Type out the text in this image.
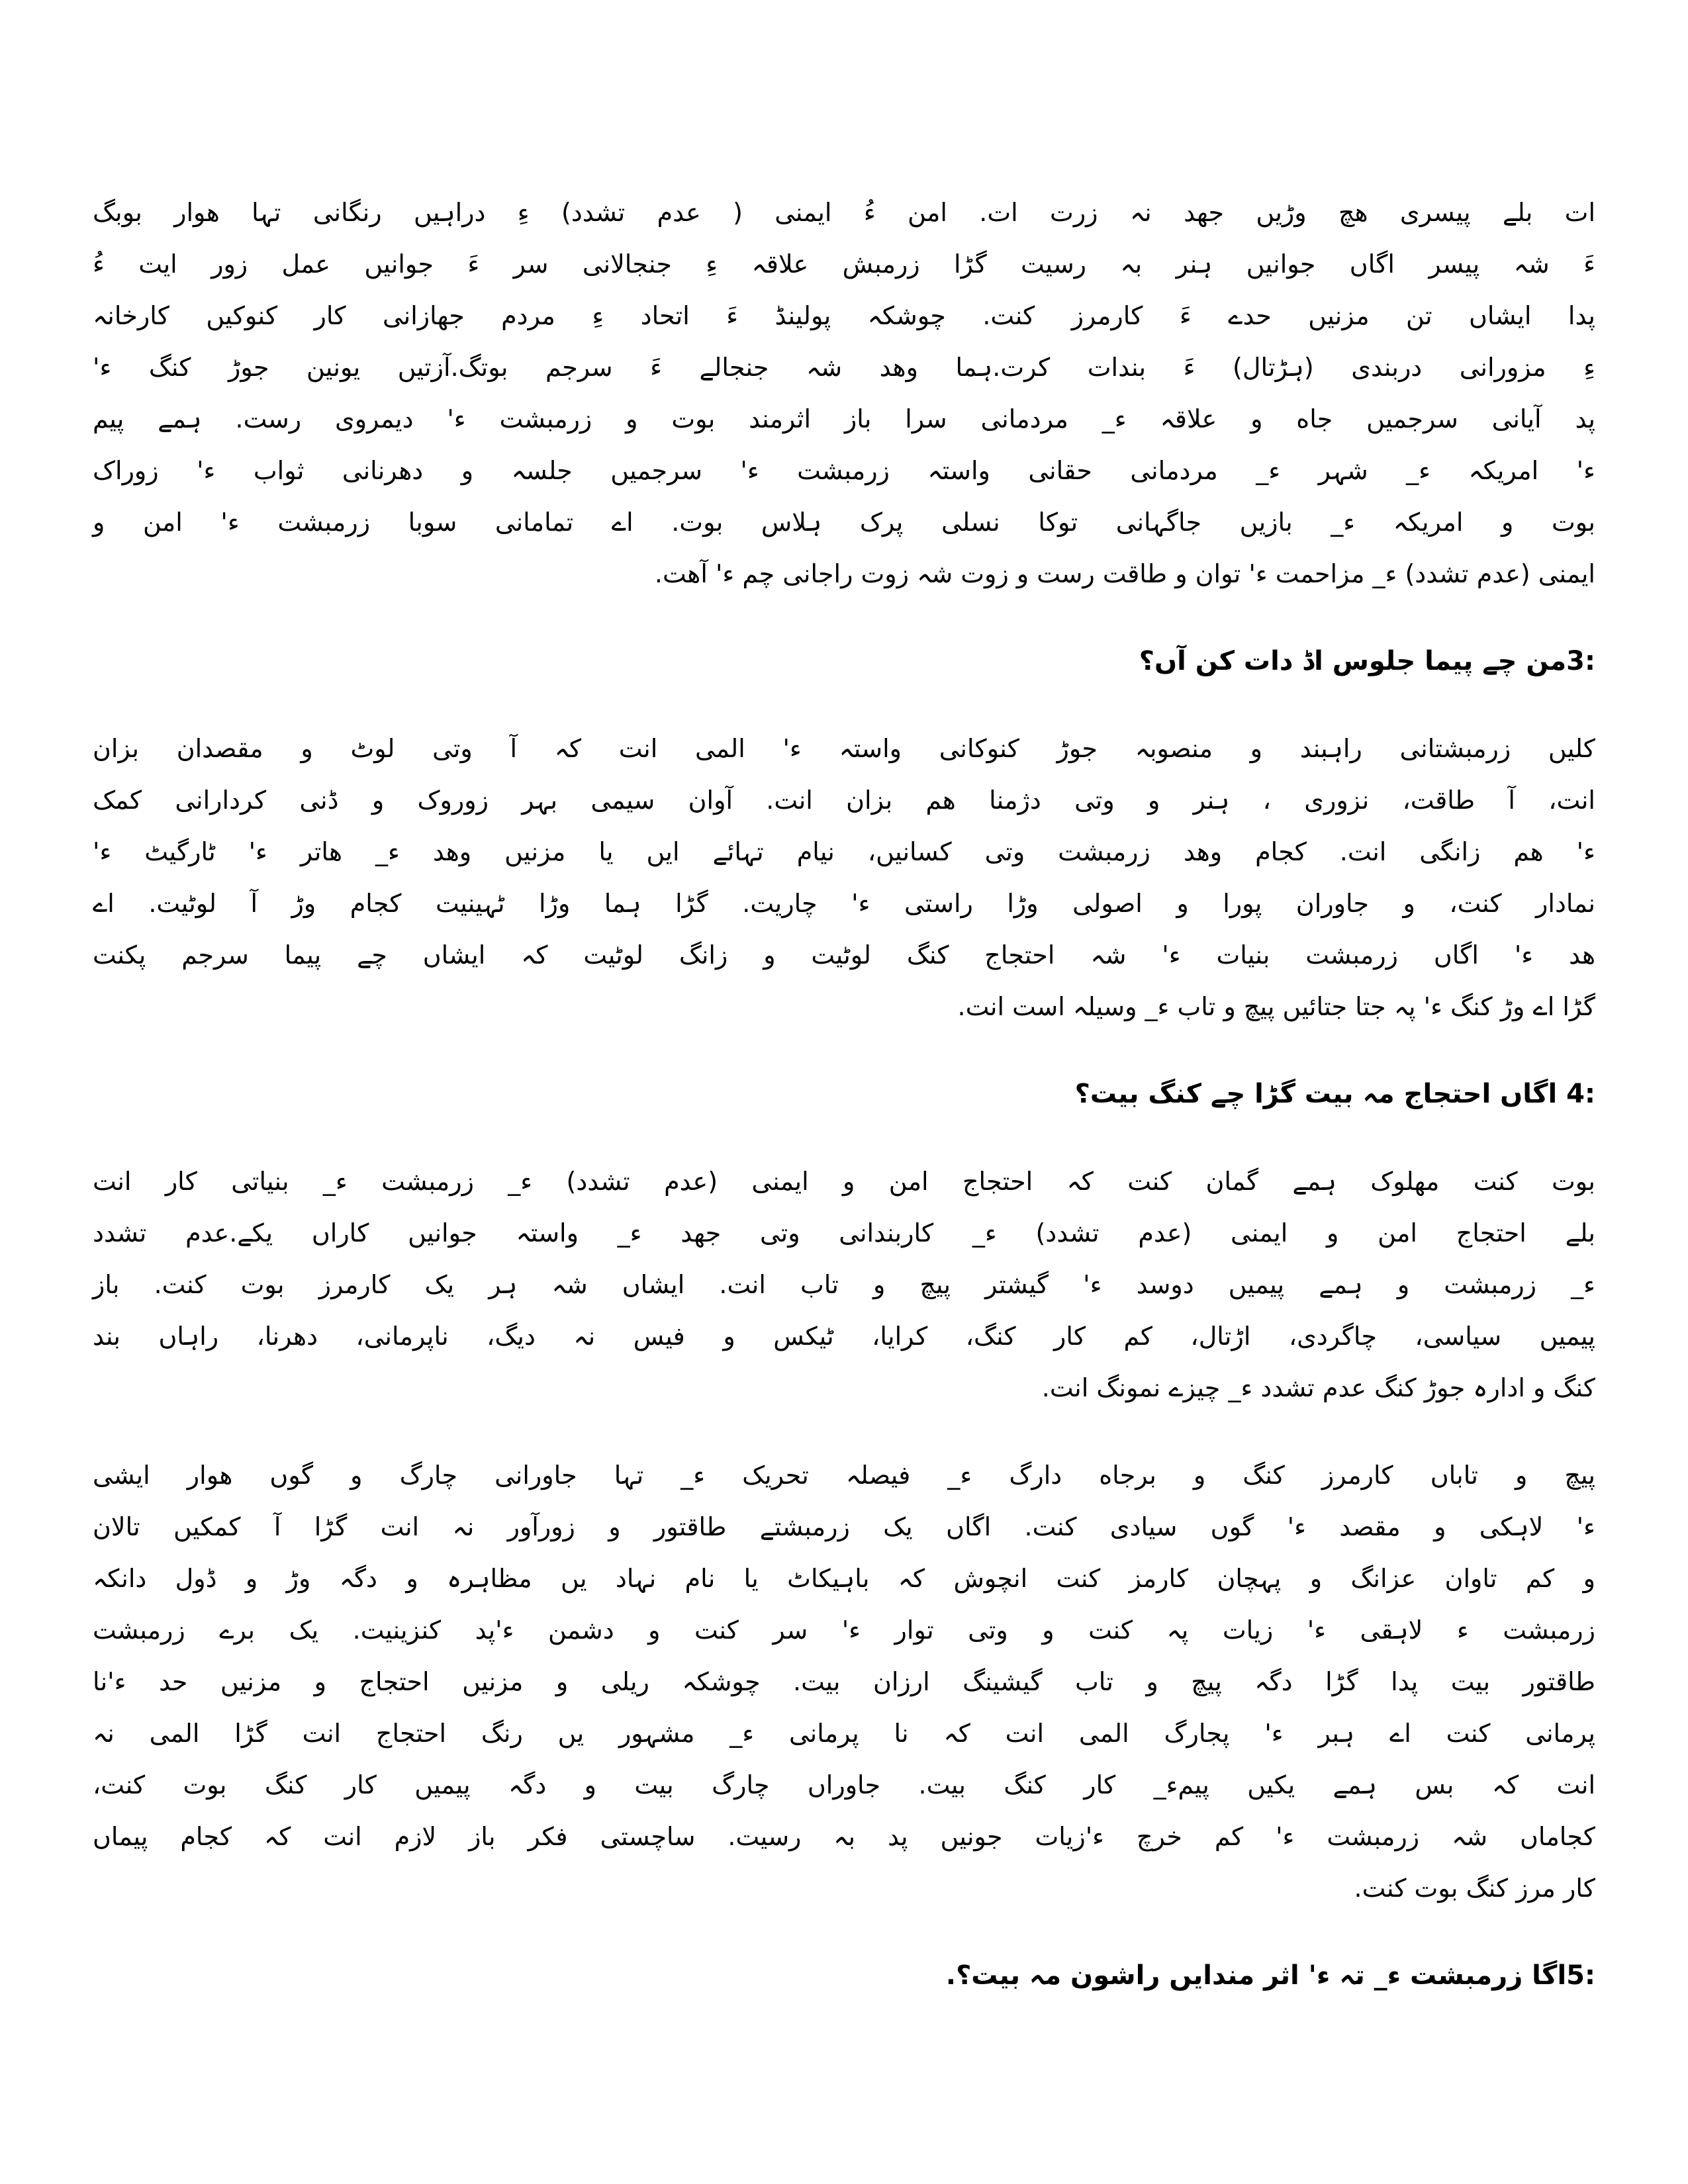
ات بلے پیسری هچ وڑیں جهد نہ زرت ات. امن ءُ ایمنی ( عدم تشدد) ءِ دراہیں رنگانی تہا هوار بوبگ
ءَ شہ پیسر اگاں جوانیں ہنر بہ رسیت گڑا زرمبش علاقہ ءِ جنجالانی سر ءَ جوانیں عمل زور ایت ءُ
پدا ایشاں تن مزنیں حدے ءَ کارمرز کنت. چوشکہ پولینڈ ءَ اتحاد ءِ مردم جهازانی کار کنوکیں کارخانہ
ءِ مزورانی دربندی (ہڑتال) ءَ بندات کرت.ہما وهد شہ جنجالے ءَ سرجم بوتگ.آزتیں یونین جوڑ کنگ ء'
پد آیانی سرجمیں جاه و علاقہ ء_ مردمانی سرا باز اثرمند بوت و زرمبشت ء' دیمروی رست. ہمے پیم
ء' امریکہ ء_ شہر ء_ مردمانی حقانی واستہ زرمبشت ء' سرجمیں جلسہ و دهرنانی ثواب ء' زوراک
بوت و امریکہ ء_ بازیں جاگہانی توکا نسلی پرک ہلاس بوت. اے تمامانی سوبا زرمبشت ء' امن و
ایمنی (عدم تشدد) ء_ مزاحمت ء' توان و طاقت رست و زوت شہ زوت راجانی چم ء' آهت.
:3من چے پیما جلوس اڈ دات کن آں؟
کلیں زرمبشتانی راہبند و منصوبہ جوڑ کنوکانی واستہ ء' المی انت کہ آ وتی لوٹ و مقصدان بزان
انت، آ طاقت، نزوری ، ہنر و وتی دژمنا هم بزان انت. آوان سیمی بہر زوروک و ڈنی کردارانی کمک
ء' هم زانگی انت. کجام وهد زرمبشت وتی کسانیں، نیام تہائے ایں یا مزنیں وهد ء_ هاتر ء' ٹارگیٹ ء'
نمادار کنت، و جاوران پورا و اصولی وڑا راستی ء' چاریت. گڑا ہما وڑا ٹہینیت کجام وڑ آ لوٹیت. اے
هد ء' اگاں زرمبشت بنیات ء' شہ احتجاج کنگ لوٹیت و زانگ لوٹیت کہ ایشاں چے پیما سرجم پکنت
گڑا اے وڑ کنگ ء' پہ جتا جتائیں پیچ و تاب ء_ وسیلہ است انت.
:4 اگاں احتجاج مہ بیت گڑا چے کنگ بیت؟
بوت کنت مهلوک ہمے گمان کنت کہ احتجاج امن و ایمنی (عدم تشدد) ء_ زرمبشت ء_ بنیاتی کار انت
بلے احتجاج امن و ایمنی (عدم تشدد) ء_ کاربندانی وتی جهد ء_ واستہ جوانیں کاراں یکے.عدم تشدد
ء_ زرمبشت و ہمے پیمیں دوسد ء' گیشتر پیچ و تاب انت. ایشاں شہ ہر یک کارمرز بوت کنت. باز
پیمیں سیاسی، چاگردی، اڑتال، کم کار کنگ، کرایا، ٹیکس و فیس نہ دیگ، ناپرمانی، دهرنا، راہاں بند
کنگ و ادارہ جوڑ کنگ عدم تشدد ء_ چیزے نمونگ انت.
پیچ و تاباں کارمرز کنگ و برجاه دارگ ء_ فیصلہ تحریک ء_ تہا جاورانی چارگ و گوں هوار ایشی
ء' لاہکی و مقصد ء' گوں سیادی کنت. اگاں یک زرمبشتے طاقتور و زورآور نہ انت گڑا آ کمکیں تالان
و کم تاوان عزانگ و پہچان کارمز کنت انچوش کہ باہیکاٹ یا نام نہاد یں مظاہرہ و دگہ وڑ و ڈول دانکہ
زرمبشت ء لاہقی ء' زیات پہ کنت و وتی توار ء' سر کنت و دشمن ء'پد کنزینیت. یک برے زرمبشت
طاقتور بیت پدا گڑا دگہ پیچ و تاب گیشینگ ارزان بیت. چوشکہ ریلی و مزنیں احتجاج و مزنیں حد ء'نا
پرمانی کنت اے ہبر ء' پجارگ المی انت کہ نا پرمانی ء_ مشہور یں رنگ احتجاج انت گڑا المی نہ
انت کہ بس ہمے یکیں پیمء_ کار کنگ بیت. جاوراں چارگ بیت و دگہ پیمیں کار کنگ بوت کنت،
کجاماں شہ زرمبشت ء' کم خرچ ء'زیات جونیں پد بہ رسیت. ساچستی فکر باز لازم انت کہ کجام پیماں
کار مرز کنگ بوت کنت.
:5اگا زرمبشت ء_ تہ ء' اثر مندایں راشون مہ بیت؟.
